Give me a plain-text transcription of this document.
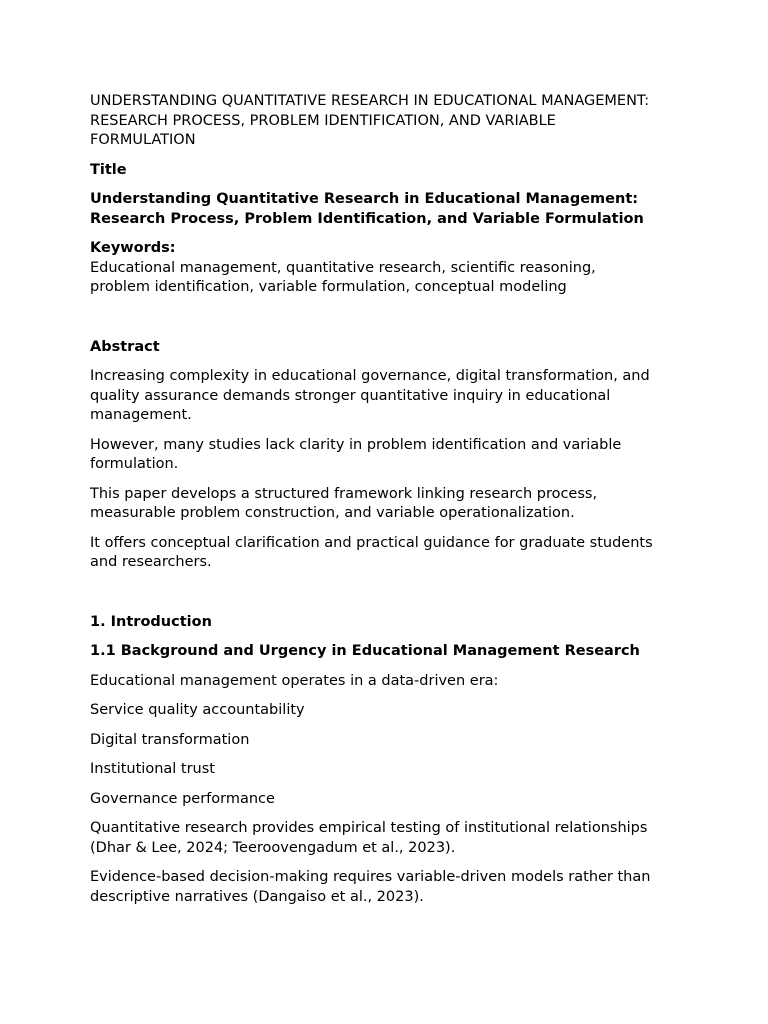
UNDERSTANDING QUANTITATIVE RESEARCH IN EDUCATIONAL MANAGEMENT:
RESEARCH PROCESS, PROBLEM IDENTIFICATION, AND VARIABLE
FORMULATION

Title

Understanding Quantitative Research in Educational Management:
Research Process, Problem Identification, and Variable Formulation

Keywords:

Educational management, quantitative research, scientific reasoning,
problem identification, variable formulation, conceptual modeling

Abstract

Increasing complexity in educational governance, digital transformation, and
quality assurance demands stronger quantitative inquiry in educational
management.

However, many studies lack clarity in problem identification and variable
formulation.

This paper develops a structured framework linking research process,
measurable problem construction, and variable operationalization.

It offers conceptual clarification and practical guidance for graduate students
and researchers.

1. Introduction

1.1 Background and Urgency in Educational Management Research

Educational management operates in a data-driven era:

Service quality accountability

Digital transformation

Institutional trust

Governance performance

Quantitative research provides empirical testing of institutional relationships
(Dhar & Lee, 2024; Teeroovengadum et al., 2023).

Evidence-based decision-making requires variable-driven models rather than
descriptive narratives (Dangaiso et al., 2023).
